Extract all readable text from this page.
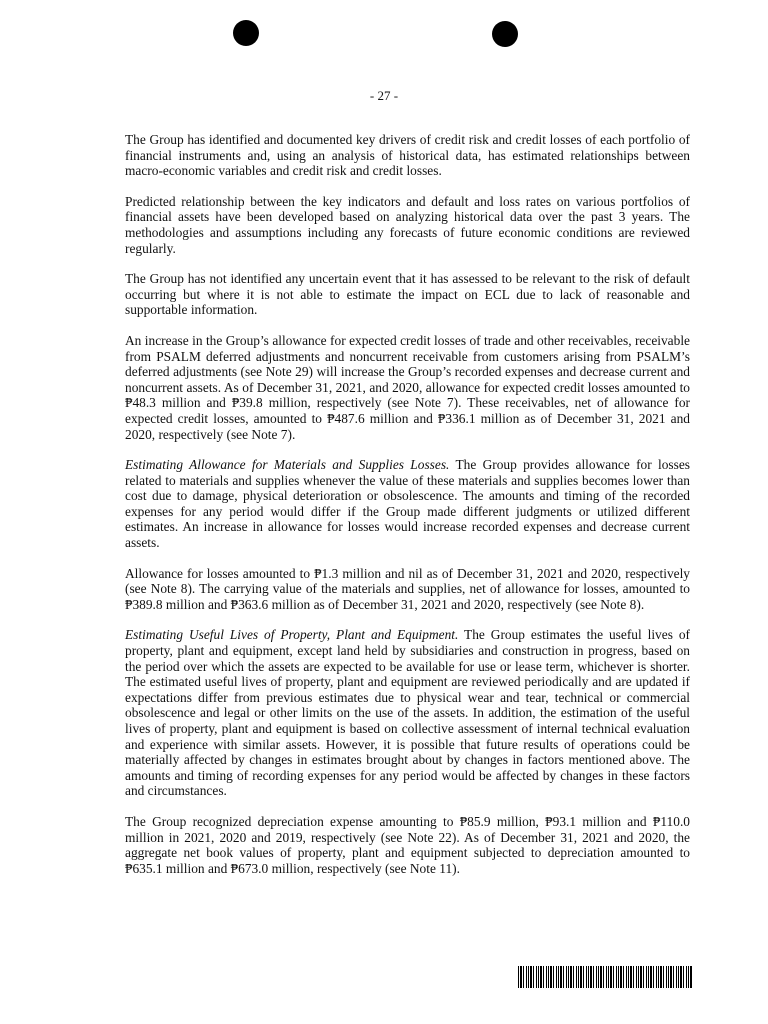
- 27 -

The Group has identified and documented key drivers of credit risk and credit losses of each portfolio of financial instruments and, using an analysis of historical data, has estimated relationships between macro-economic variables and credit risk and credit losses.

Predicted relationship between the key indicators and default and loss rates on various portfolios of financial assets have been developed based on analyzing historical data over the past 3 years. The methodologies and assumptions including any forecasts of future economic conditions are reviewed regularly.

The Group has not identified any uncertain event that it has assessed to be relevant to the risk of default occurring but where it is not able to estimate the impact on ECL due to lack of reasonable and supportable information.

An increase in the Group’s allowance for expected credit losses of trade and other receivables, receivable from PSALM deferred adjustments and noncurrent receivable from customers arising from PSALM’s deferred adjustments (see Note 29) will increase the Group’s recorded expenses and decrease current and noncurrent assets. As of December 31, 2021, and 2020, allowance for expected credit losses amounted to ₱48.3 million and ₱39.8 million, respectively (see Note 7). These receivables, net of allowance for expected credit losses, amounted to ₱487.6 million and ₱336.1 million as of December 31, 2021 and 2020, respectively (see Note 7).

Estimating Allowance for Materials and Supplies Losses. The Group provides allowance for losses related to materials and supplies whenever the value of these materials and supplies becomes lower than cost due to damage, physical deterioration or obsolescence. The amounts and timing of the recorded expenses for any period would differ if the Group made different judgments or utilized different estimates. An increase in allowance for losses would increase recorded expenses and decrease current assets.

Allowance for losses amounted to ₱1.3 million and nil as of December 31, 2021 and 2020, respectively (see Note 8). The carrying value of the materials and supplies, net of allowance for losses, amounted to ₱389.8 million and ₱363.6 million as of December 31, 2021 and 2020, respectively (see Note 8).

Estimating Useful Lives of Property, Plant and Equipment. The Group estimates the useful lives of property, plant and equipment, except land held by subsidiaries and construction in progress, based on the period over which the assets are expected to be available for use or lease term, whichever is shorter. The estimated useful lives of property, plant and equipment are reviewed periodically and are updated if expectations differ from previous estimates due to physical wear and tear, technical or commercial obsolescence and legal or other limits on the use of the assets. In addition, the estimation of the useful lives of property, plant and equipment is based on collective assessment of internal technical evaluation and experience with similar assets. However, it is possible that future results of operations could be materially affected by changes in estimates brought about by changes in factors mentioned above. The amounts and timing of recording expenses for any period would be affected by changes in these factors and circumstances.

The Group recognized depreciation expense amounting to ₱85.9 million, ₱93.1 million and ₱110.0 million in 2021, 2020 and 2019, respectively (see Note 22). As of December 31, 2021 and 2020, the aggregate net book values of property, plant and equipment subjected to depreciation amounted to ₱635.1 million and ₱673.0 million, respectively (see Note 11).
